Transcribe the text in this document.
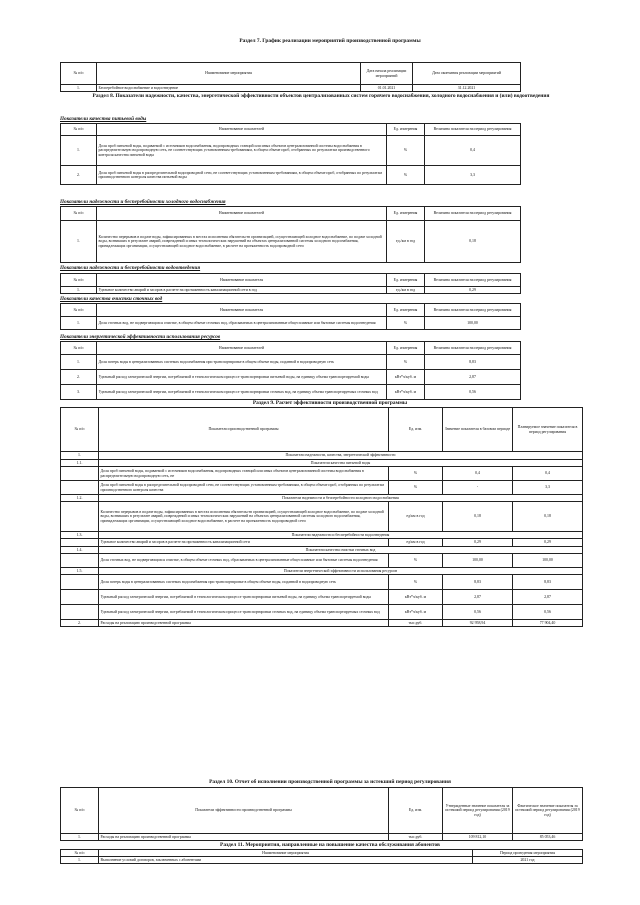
Раздел 7. График реализации мероприятий производственной программы
№ п/п	Наименование мероприятия	Дата начала реализации мероприятий	Дата окончания реализации мероприятий
1.	Бесперебойное водоснабжение и водоотведение	01.01.2021	31.12.2021
Раздел 8. Показатели надежности, качества, энергетической эффективности объектов централизованных систем горячего водоснабжения, холодного водоснабжения и (или) водоотведения
Показатели качества питьевой воды
№ п/п	Наименование показателей	Ед. измерения	Величина показателя на период регулирования
1.	Доля проб питьевой воды, подаваемой с источников водоснабжения, водопроводных станций или иных объектов централизованной системы водоснабжения в распределительную водопроводную сеть, не соответствующих установленным требованиям, в общем объеме проб, отобранных по результатам производственного контроля качества питьевой воды	%	0,4
2.	Доля проб питьевой воды в распределительной водопроводной сети, не соответствующих установленным требованиям, в общем объеме проб, отобранных по результатам производственного контроля качества питьевой воды	%	3,3
Показатели надежности и бесперебойности холодного водоснабжения
№ п/п	Наименование показателей	Ед. измерения	Величина показателя на период регулирования
1.	Количество перерывов в подаче воды, зафиксированных в местах исполнения обязательств организацией, осуществляющей холодное водоснабжение, по подаче холодной воды, возникших в результате аварий, повреждений и иных технологических нарушений на объектах централизованной системы холодного водоснабжения, принадлежащих организации, осуществляющей холодное водоснабжение, в расчете на протяженность водопроводной сети	ед./км в год	0,18
Показатели надежности и бесперебойности водоотведения
№ п/п	Наименование показателя	Ед. измерения	Величина показателя на период регулирования
1.	Удельное количество аварий и засоров в расчете на протяженность канализационной сети в год	ед./км в год	0,29
Показатели качества очистки сточных вод
№ п/п	Наименование показателя	Ед. измерения	Величина показателя на период регулирования
1.	Доля сточных вод, не подвергающихся очистке, в общем объеме сточных вод, сбрасываемых в централизованные общесплавные или бытовые системы водоотведения	%	100,00
Показатели энергетической эффективности использования ресурсов
№ п/п	Наименование показателей	Ед. измерения	Величина показателя на период регулирования
1.	Доля потерь воды в централизованных системах водоснабжения при транспортировке в общем объеме воды, поданной в водопроводную сеть	%	8,83
2.	Удельный расход электрической энергии, потребляемой в технологическом процессе транспортировки питьевой воды, на единицу объема транспортируемой воды	кВт*ч/куб. м	2,87
3.	Удельный расход электрической энергии, потребляемой в технологическом процессе транспортировки сточных вод, на единицу объема транспортируемых сточных вод	кВт*ч/куб. м	0,56
Раздел 9. Расчет эффективности производственной программы
№ п/п	Показатели производственной программы	Ед. изм.	Значение показателя в базовом периоде	Планируемое значение показателя в период регулирования
1.	Показатели надежности, качества, энергетической эффективности			
1.1.	Показатели качества питьевой воды			
	Доля проб питьевой воды, подаваемой с источников водоснабжения, водопроводных станций или иных объектов централизованной системы водоснабжения в распределительную водопроводную сеть, не	%	0,4	0,4
	Доля проб питьевой воды в распределительной водопроводной сети, не соответствующих установленным требованиям, в общем объеме проб, отобранных по результатам производственного контроля качества	%	-	3,3
1.2.	Показатели надежности и бесперебойности холодного водоснабжения			
	Количество перерывов в подаче воды, зафиксированных в местах исполнения обязательств организацией, осуществляющей холодное водоснабжение, по подаче холодной воды, возникших в результате аварий, повреждений и иных технологических нарушений на объектах централизованной системы холодного водоснабжения, принадлежащих организации, осуществляющей холодное водоснабжение, в расчете на протяженность водопроводной сети	ед/км в год	0,18	0,18
1.3.	Показатели надежности и бесперебойности водоотведения			
	Удельное количество аварий и засоров в расчете на протяженность канализационной сети	ед/км в год	0,29	0,29
1.4.	Показатели качества очистки сточных вод			
	Доля сточных вод, не подвергающихся очистке, в общем объеме сточных вод, сбрасываемых в централизованные общесплавные или бытовые системы водоотведения	%	100,00	100,00
1.5.	Показатели энергетической эффективности использования ресурсов			
	Доля потерь воды в централизованных системах водоснабжения при транспортировке в общем объеме воды, поданной в водопроводную сеть	%	8,83	8,83
	Удельный расход электрической энергии, потребляемой в технологическом процессе транспортировки питьевой воды, на единицу объема транспортируемой воды	кВт*ч/куб. м	2,87	2,87
	Удельный расход электрической энергии, потребляемой в технологическом процессе транспортировки сточных вод, на единицу объема транспортируемых сточных вод	кВт*ч/куб. м	0,56	0,56
2.	Расходы на реализацию производственной программы	тыс.руб.	92 958,94	77 904,40
Раздел 10. Отчет об исполнении производственной программы за истекший период регулирования
№ п/п	Показатели эффективности производственной программы	Ед. изм.	Утвержденные значение показателя за истекший период регулирования (2019 год)	Фактическое значение показателя за истекший период регулирования (2019 год)
1.	Расходы на реализацию производственной программы	тыс.руб.	109 812,10	85 053,46
Раздел 11. Мероприятия, направленные на повышение качества обслуживания абонентов
№ п/п	Наименование мероприятия	Период проведения мероприятия
1.	Выполнение условий договоров, заключенных с абонентами	2021 год
